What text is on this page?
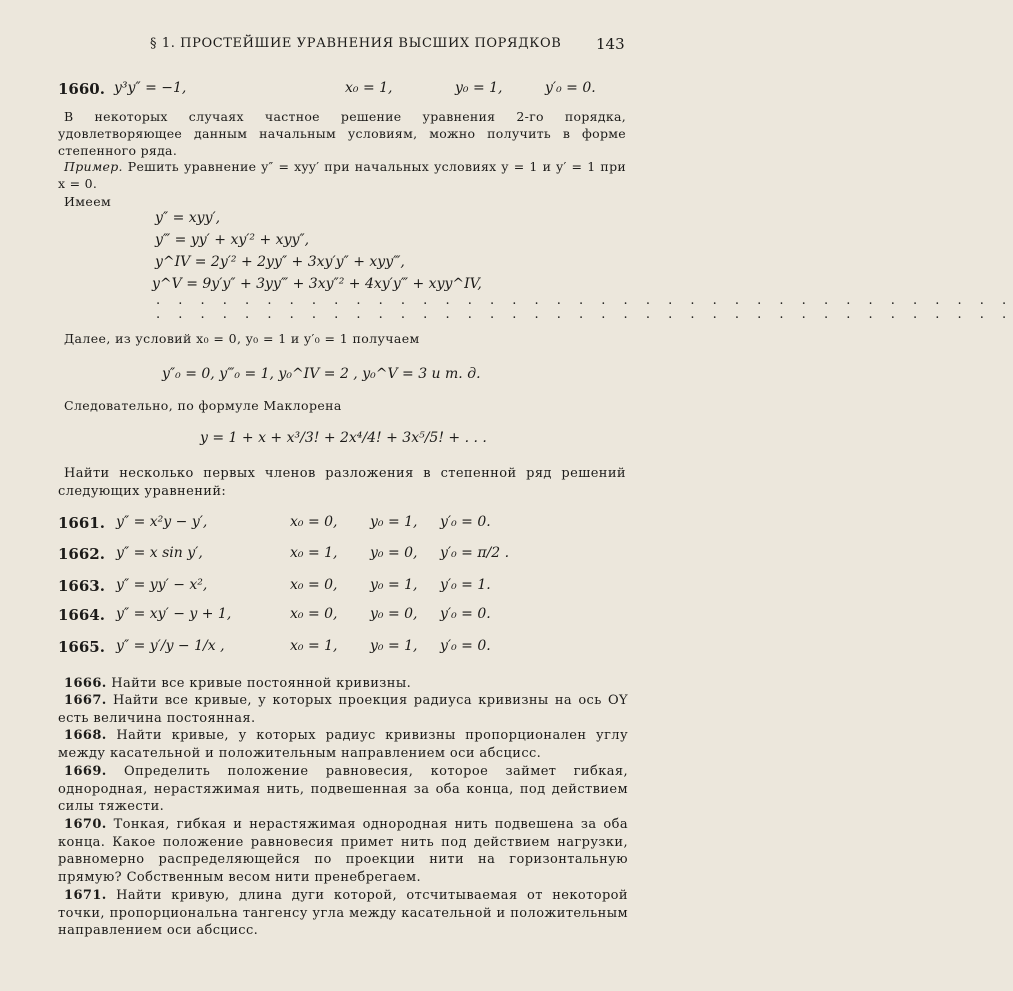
§ 1. ПРОСТЕЙШИЕ УРАВНЕНИЯ ВЫСШИХ ПОРЯДКОВ 143
1660. y³y″ = −1,	x₀ = 1,	y₀ = 1,	y′₀ = 0.
В некоторых случаях частное решение уравнения 2-го порядка, удовлетворяющее данным начальным условиям, можно получить в форме степенного ряда.
Пример. Решить уравнение y″ = xyy′ при начальных условиях y = 1 и y′ = 1 при x = 0.
Имеем
y″ = xyy′,
y‴ = yy′ + xy′² + xyy″,
y^IV = 2y′² + 2yy″ + 3xy′y″ + xyy‴,
y^V = 9y′y″ + 3yy‴ + 3xy″² + 4xy′y‴ + xyy^IV,
. . . . . . . . . . . . . . . . . . . . . . . . . . . . . . . . . . . . . . .
. . . . . . . . . . . . . . . . . . . . . . . . . . . . . . . . . . . . . . .
Далее, из условий x₀ = 0, y₀ = 1 и y′₀ = 1 получаем
y″₀ = 0, y‴₀ = 1, y₀^IV = 2 , y₀^V = 3 и т. д.
Следовательно, по формуле Маклорена
y = 1 + x + x³/3! + 2x⁴/4! + 3x⁵/5! + . . .
Найти несколько первых членов разложения в степенной ряд решений следующих уравнений:
1661. y″ = x²y − y′,	x₀ = 0, y₀ = 1, y′₀ = 0.
1662. y″ = x sin y′,	x₀ = 1, y₀ = 0, y′₀ = π/2 .
1663. y″ = yy′ − x²,	x₀ = 0, y₀ = 1, y′₀ = 1.
1664. y″ = xy′ − y + 1,	x₀ = 0, y₀ = 0, y′₀ = 0.
1665. y″ = y′/y − 1/x ,	x₀ = 1, y₀ = 1, y′₀ = 0.
1666. Найти все кривые постоянной кривизны.
1667. Найти все кривые, у которых проекция радиуса кривизны на ось OY есть величина постоянная.
1668. Найти кривые, у которых радиус кривизны пропорционален углу между касательной и положительным направлением оси абсцисс.
1669. Определить положение равновесия, которое займет гибкая, однородная, нерастяжимая нить, подвешенная за оба конца, под действием силы тяжести.
1670. Тонкая, гибкая и нерастяжимая однородная нить подвешена за оба конца. Какое положение равновесия примет нить под действием нагрузки, равномерно распределяющейся по проекции нити на горизонтальную прямую? Собственным весом нити пренебрегаем.
1671. Найти кривую, длина дуги которой, отсчитываемая от некоторой точки, пропорциональна тангенсу угла между касательной и положительным направлением оси абсцисс.
